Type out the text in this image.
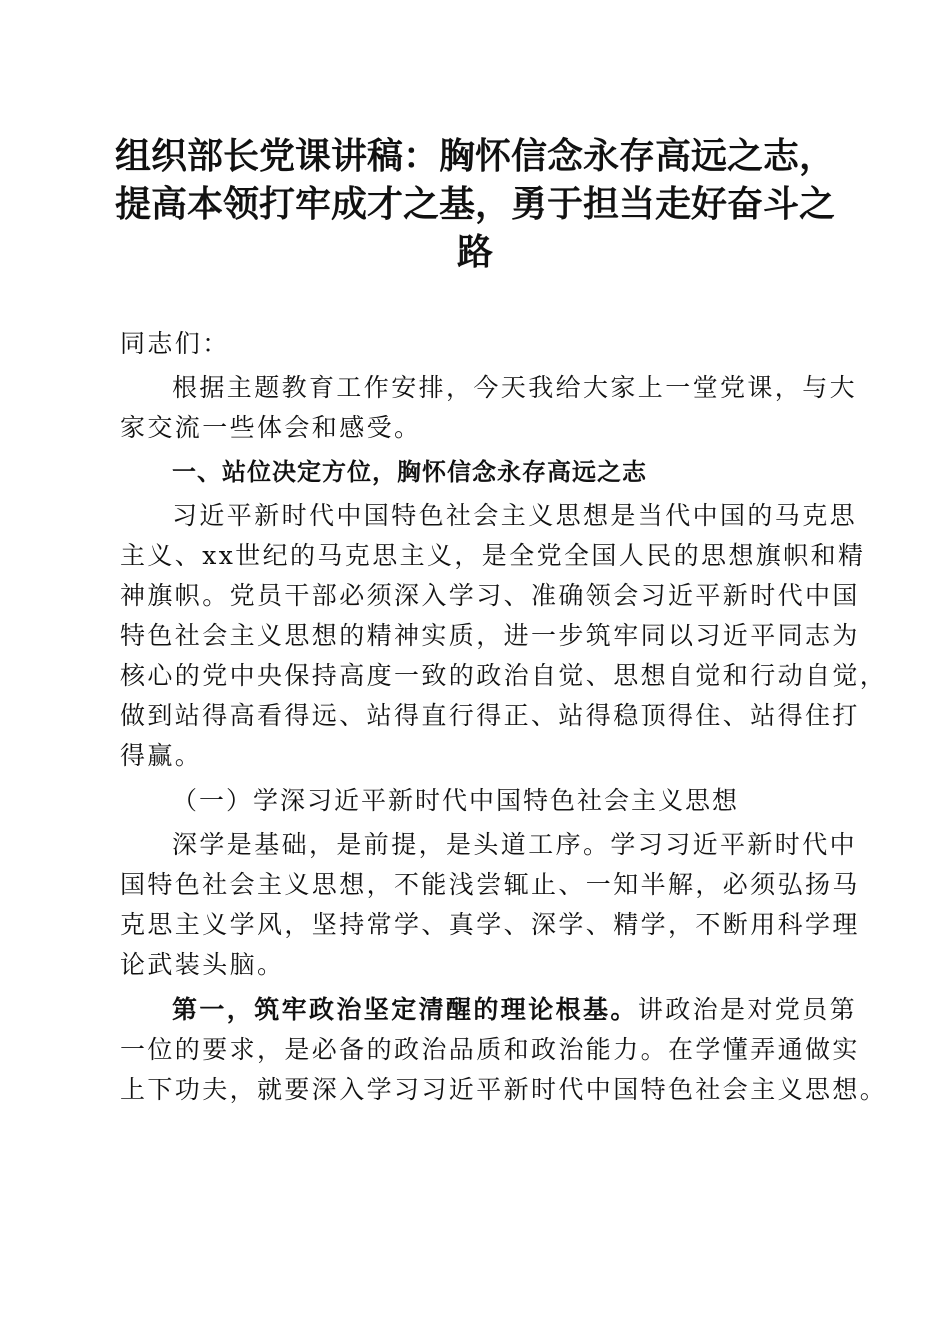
组织部长党课讲稿：胸怀信念永存高远之志，
提高本领打牢成才之基，勇于担当走好奋斗之
路
同志们：
根据主题教育工作安排，今天我给大家上一堂党课，与大
家交流一些体会和感受。
一、站位决定方位，胸怀信念永存高远之志
习近平新时代中国特色社会主义思想是当代中国的马克思
主义、xx世纪的马克思主义，是全党全国人民的思想旗帜和精
神旗帜。党员干部必须深入学习、准确领会习近平新时代中国
特色社会主义思想的精神实质，进一步筑牢同以习近平同志为
核心的党中央保持高度一致的政治自觉、思想自觉和行动自觉，
做到站得高看得远、站得直行得正、站得稳顶得住、站得住打
得赢。
（一）学深习近平新时代中国特色社会主义思想
深学是基础，是前提，是头道工序。学习习近平新时代中
国特色社会主义思想，不能浅尝辄止、一知半解，必须弘扬马
克思主义学风，坚持常学、真学、深学、精学，不断用科学理
论武装头脑。
第一，筑牢政治坚定清醒的理论根基。讲政治是对党员第
一位的要求，是必备的政治品质和政治能力。在学懂弄通做实
上下功夫，就要深入学习习近平新时代中国特色社会主义思想。
